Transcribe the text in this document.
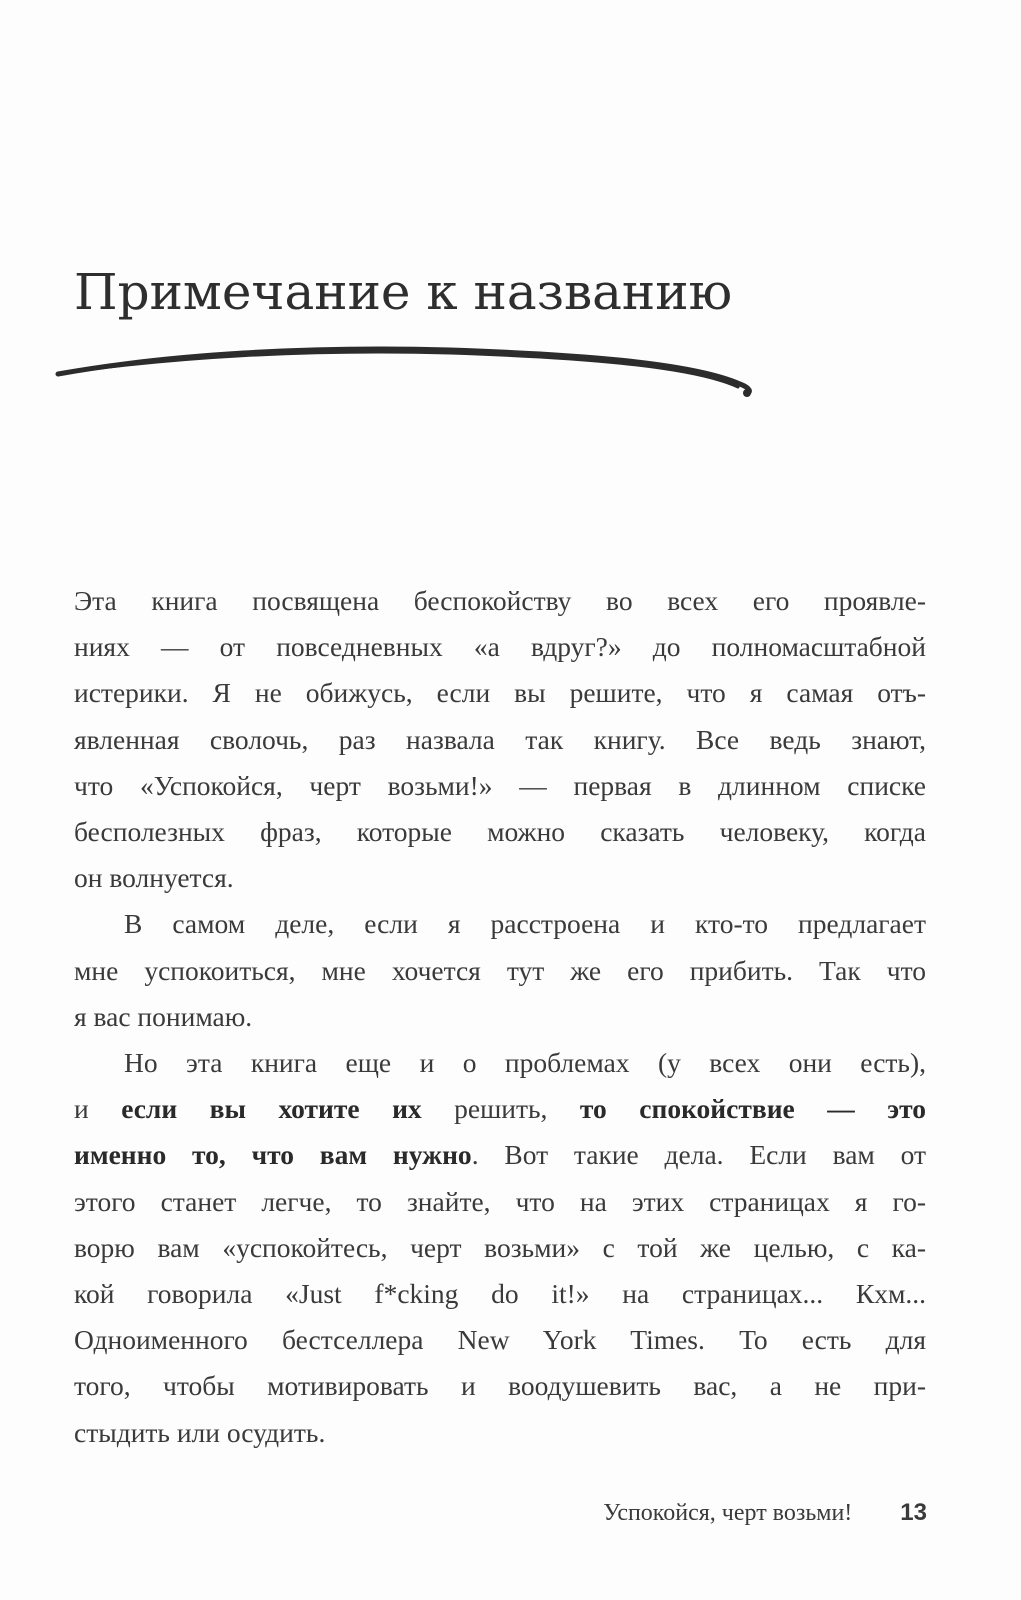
Примечание к названию
Эта книга посвящена беспокойству во всех его проявле-
ниях — от повседневных «а вдруг?» до полномасштабной
истерики. Я не обижусь, если вы решите, что я самая отъ-
явленная сволочь, раз назвала так книгу. Все ведь знают,
что «Успокойся, черт возьми!» — первая в длинном списке
бесполезных фраз, которые можно сказать человеку, когда
он волнуется.
В самом деле, если я расстроена и кто-то предлагает
мне успокоиться, мне хочется тут же его прибить. Так что
я вас понимаю.
Но эта книга еще и о проблемах (у всех они есть),
и если вы хотите их решить, то спокойствие — это
именно то, что вам нужно. Вот такие дела. Если вам от
этого станет легче, то знайте, что на этих страницах я го-
ворю вам «успокойтесь, черт возьми» с той же целью, с ка-
кой говорила «Just f*cking do it!» на страницах... Кхм...
Одноименного бестселлера New York Times. То есть для
того, чтобы мотивировать и воодушевить вас, а не при-
стыдить или осудить.
Успокойся, черт возьми! 13
